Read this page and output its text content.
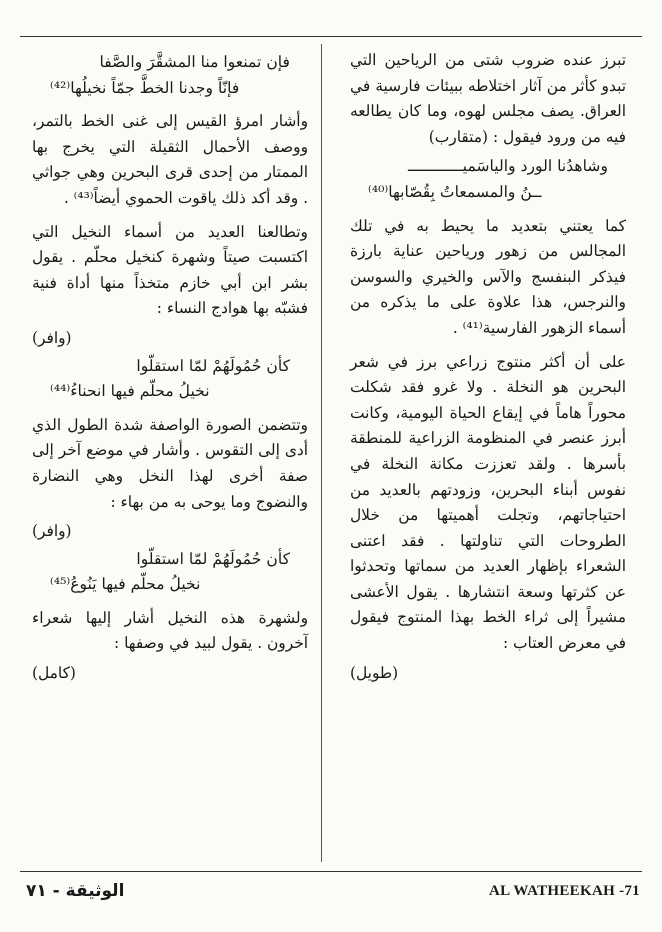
تبرز عنده ضروب شتى من الرياحين التي تبدو كأثر من آثار اختلاطه ببيئات فارسية في العراق. يصف مجلس لهوه، وما كان يطالعه فيه من ورود فيقول : (متقارب)

وشاهدُنا الورد والياسَميــــــــــــ
ــنُ والمسمعاتُ بِقُصّابها⁽⁴⁰⁾

كما يعتني بتعديد ما يحيط به في تلك المجالس من زهور ورياحين عناية بارزة فيذكر البنفسج والآس والخيري والسوسن والنرجس، هذا علاوة على ما يذكره من أسماء الزهور الفارسية⁽⁴¹⁾ .

على أن أكثر منتوج زراعي برز في شعر البحرين هو النخلة . ولا غرو فقد شكلت محوراً هاماً في إيقاع الحياة اليومية، وكانت أبرز عنصر في المنظومة الزراعية للمنطقة بأسرها . ولقد تعززت مكانة النخلة في نفوس أبناء البحرين، وزودتهم بالعديد من احتياجاتهم، وتجلت أهميتها من خلال الطروحات التي تناولتها . فقد اعتنى الشعراء بإظهار العديد من سماتها وتحدثوا عن كثرتها وسعة انتشارها . يقول الأعشى مشيراً إلى ثراء الخط بهذا المنتوج فيقول في معرض العتاب :

(طويل)
فإن تمنعوا منا المشقَّرَ والصَّفا
فإنّاً وجدنا الخطَّ جمّاً نخيلُها⁽⁴²⁾

وأشار امرؤ القيس إلى غنى الخط بالتمر، ووصف الأحمال الثقيلة التي يخرج بها الممتار من إحدى قرى البحرين وهي جواثي . وقد أكد ذلك ياقوت الحموي أيضاً⁽⁴³⁾ .

وتطالعنا العديد من أسماء النخيل التي اكتسبت صيتاً وشهرة كنخيل محلّم . يقول بشر ابن أبي خازم متخذاً منها أداة فنية فشبّه بها هوادج النساء :

(وافر)
كأن حُمُولَهُمْ لمّا استقلّوا
نخيلُ محلّم فيها انحناءُ⁽⁴⁴⁾

وتتضمن الصورة الواصفة شدة الطول الذي أدى إلى التقوس . وأشار في موضع آخر إلى صفة أخرى لهذا النخل وهي النضارة والنضوج وما يوحى به من بهاء :

(وافر)
كأن حُمُولَهُمْ لمّا استقلّوا
نخيلُ محلّم فيها يَنُوعُ⁽⁴⁵⁾

ولشهرة هذه النخيل أشار إليها شعراء آخرون . يقول لبيد في وصفها :

(كامل)
الوثيقة - ٧١	AL WATHEEKAH -71
